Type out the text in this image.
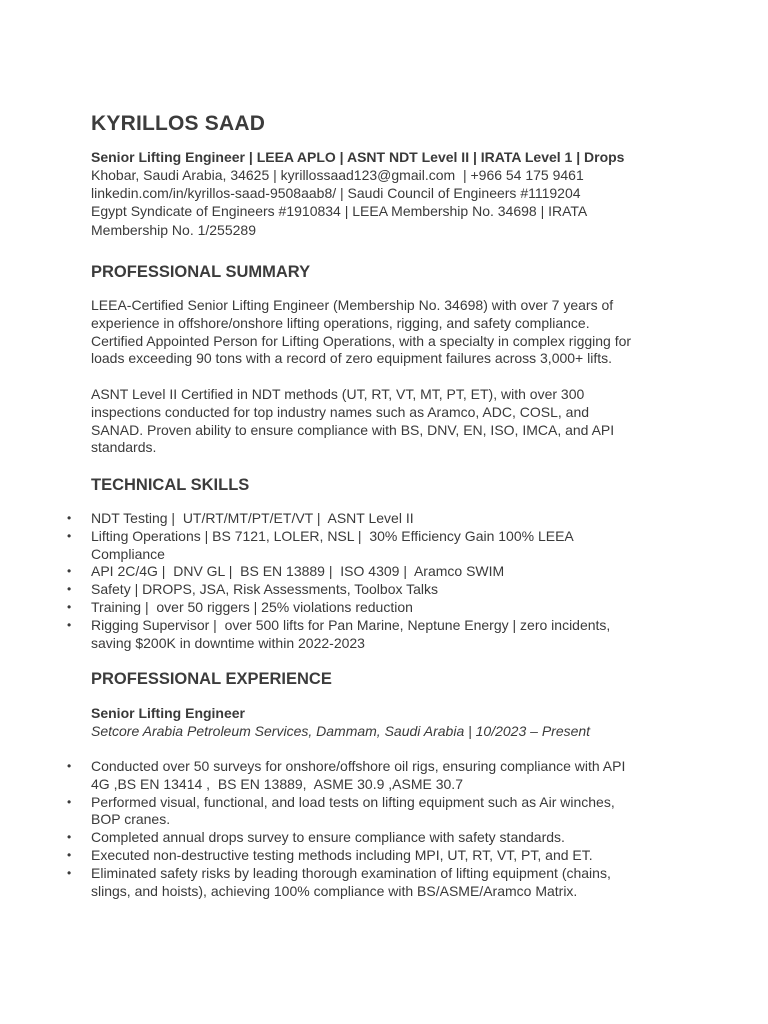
KYRILLOS SAAD
Senior Lifting Engineer | LEEA APLO | ASNT NDT Level II | IRATA Level 1 | Drops
Khobar, Saudi Arabia, 34625 | kyrillossaad123@gmail.com  | +966 54 175 9461
linkedin.com/in/kyrillos-saad-9508aab8/ | Saudi Council of Engineers #1119204
Egypt Syndicate of Engineers #1910834 | LEEA Membership No. 34698 | IRATA
Membership No. 1/255289
PROFESSIONAL SUMMARY
LEEA-Certified Senior Lifting Engineer (Membership No. 34698) with over 7 years of
experience in offshore/onshore lifting operations, rigging, and safety compliance.
Certified Appointed Person for Lifting Operations, with a specialty in complex rigging for
loads exceeding 90 tons with a record of zero equipment failures across 3,000+ lifts.
ASNT Level II Certified in NDT methods (UT, RT, VT, MT, PT, ET), with over 300
inspections conducted for top industry names such as Aramco, ADC, COSL, and
SANAD. Proven ability to ensure compliance with BS, DNV, EN, ISO, IMCA, and API
standards.
TECHNICAL SKILLS
• NDT Testing |  UT/RT/MT/PT/ET/VT |  ASNT Level II
• Lifting Operations | BS 7121, LOLER, NSL |  30% Efficiency Gain 100% LEEA
Compliance
• API 2C/4G |  DNV GL |  BS EN 13889 |  ISO 4309 |  Aramco SWIM
• Safety | DROPS, JSA, Risk Assessments, Toolbox Talks
• Training |  over 50 riggers | 25% violations reduction
• Rigging Supervisor |  over 500 lifts for Pan Marine, Neptune Energy | zero incidents,
saving $200K in downtime within 2022-2023
PROFESSIONAL EXPERIENCE
Senior Lifting Engineer
Setcore Arabia Petroleum Services, Dammam, Saudi Arabia | 10/2023 – Present
• Conducted over 50 surveys for onshore/offshore oil rigs, ensuring compliance with API
4G ,BS EN 13414 ,  BS EN 13889,  ASME 30.9 ,ASME 30.7
• Performed visual, functional, and load tests on lifting equipment such as Air winches,
BOP cranes.
• Completed annual drops survey to ensure compliance with safety standards.
• Executed non-destructive testing methods including MPI, UT, RT, VT, PT, and ET.
• Eliminated safety risks by leading thorough examination of lifting equipment (chains,
slings, and hoists), achieving 100% compliance with BS/ASME/Aramco Matrix.
